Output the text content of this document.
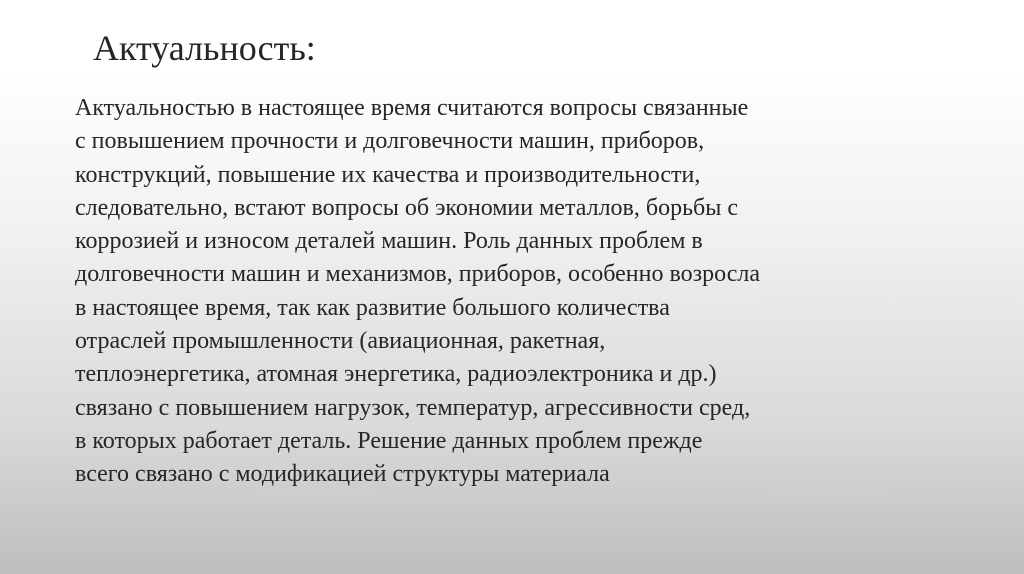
Актуальность:

Актуальностью в настоящее время считаются вопросы связанные
с повышением прочности и долговечности машин, приборов,
конструкций, повышение их качества и производительности,
следовательно, встают вопросы об экономии металлов, борьбы с
коррозией и износом деталей машин. Роль данных проблем в
долговечности машин и механизмов, приборов, особенно возросла
в настоящее время, так как развитие большого количества
отраслей промышленности (авиационная, ракетная,
теплоэнергетика, атомная энергетика, радиоэлектроника и др.)
связано с повышением нагрузок, температур, агрессивности сред,
в которых работает деталь. Решение данных проблем прежде
всего связано с модификацией структуры материала
